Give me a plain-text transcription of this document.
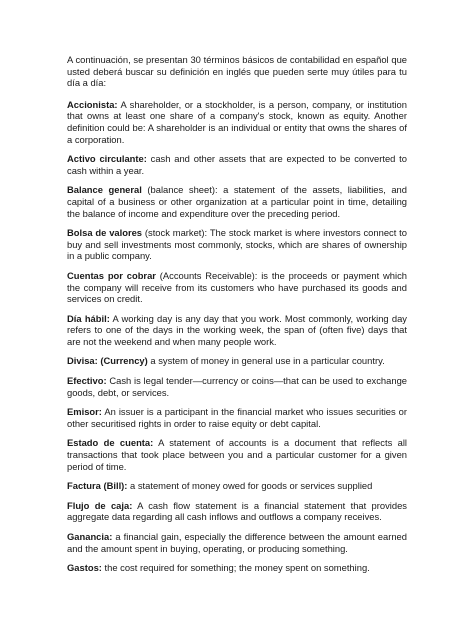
A continuación, se presentan 30 términos básicos de contabilidad en español que usted deberá buscar su definición en inglés que pueden serte muy útiles para tu día a día:

Accionista: A shareholder, or a stockholder, is a person, company, or institution that owns at least one share of a company's stock, known as equity. Another definition could be: A shareholder is an individual or entity that owns the shares of a corporation.

Activo circulante: cash and other assets that are expected to be converted to cash within a year.

Balance general (balance sheet): a statement of the assets, liabilities, and capital of a business or other organization at a particular point in time, detailing the balance of income and expenditure over the preceding period.

Bolsa de valores (stock market): The stock market is where investors connect to buy and sell investments most commonly, stocks, which are shares of ownership in a public company.

Cuentas por cobrar (Accounts Receivable): is the proceeds or payment which the company will receive from its customers who have purchased its goods and services on credit.

Día hábil: A working day is any day that you work. Most commonly, working day refers to one of the days in the working week, the span of (often five) days that are not the weekend and when many people work.

Divisa: (Currency) a system of money in general use in a particular country.

Efectivo: Cash is legal tender—currency or coins—that can be used to exchange goods, debt, or services.

Emisor: An issuer is a participant in the financial market who issues securities or other securitised rights in order to raise equity or debt capital.

Estado de cuenta: A statement of accounts is a document that reflects all transactions that took place between you and a particular customer for a given period of time.

Factura (Bill): a statement of money owed for goods or services supplied

Flujo de caja: A cash flow statement is a financial statement that provides aggregate data regarding all cash inflows and outflows a company receives.

Ganancia: a financial gain, especially the difference between the amount earned and the amount spent in buying, operating, or producing something.

Gastos: the cost required for something; the money spent on something.
